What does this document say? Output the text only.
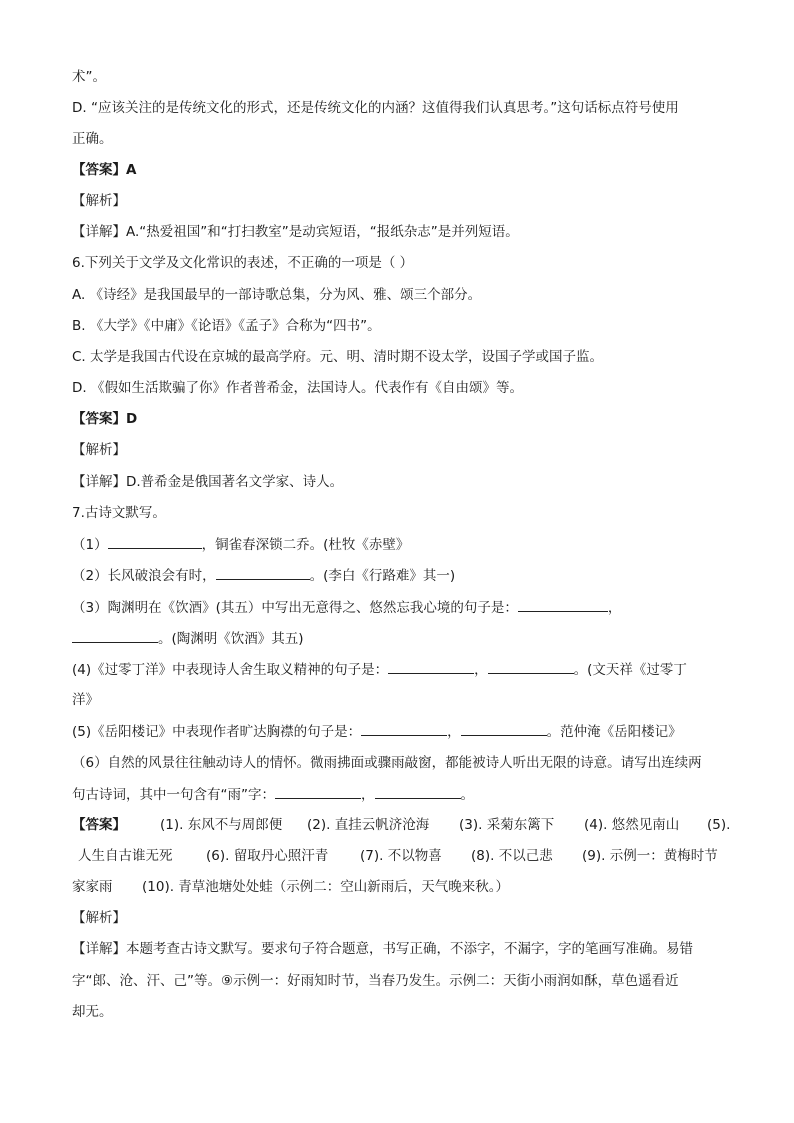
术”。
D. “应该关注的是传统文化的形式，还是传统文化的内涵？这值得我们认真思考。”这句话标点符号使用
正确。
【答案】A
【解析】
【详解】A.“热爱祖国”和“打扫教室”是动宾短语，“报纸杂志”是并列短语。
6.下列关于文学及文化常识的表述，不正确的一项是（ ）
A. 《诗经》是我国最早的一部诗歌总集，分为风、雅、颂三个部分。
B. 《大学》《中庸》《论语》《孟子》合称为“四书”。
C. 太学是我国古代设在京城的最高学府。元、明、清时期不设太学，设国子学或国子监。
D. 《假如生活欺骗了你》作者普希金，法国诗人。代表作有《自由颂》等。
【答案】D
【解析】
【详解】D.普希金是俄国著名文学家、诗人。
7.古诗文默写。
（1）	，铜雀春深锁二乔。(杜牧《赤壁》
（2）长风破浪会有时，	。(李白《行路难》其一)
（3）陶渊明在《饮酒》(其五）中写出无意得之、悠然忘我心境的句子是：	，
。(陶渊明《饮酒》其五)
(4)《过零丁洋》中表现诗人舍生取义精神的句子是：	，	。(文天祥《过零丁
洋》
(5)《岳阳楼记》中表现作者旷达胸襟的句子是：	，	。范仲淹《岳阳楼记》
（6）自然的风景往往触动诗人的情怀。微雨拂面或骤雨敲窗，都能被诗人听出无限的诗意。请写出连续两
句古诗词，其中一句含有“雨”字：	，	。
【答案】	(1). 东风不与周郎便 (2). 直挂云帆济沧海 (3). 采菊东篱下 (4). 悠然见南山 (5).
人生自古谁无死 (6). 留取丹心照汗青 (7). 不以物喜 (8). 不以己悲 (9). 示例一：黄梅时节
家家雨 (10). 青草池塘处处蛙（示例二：空山新雨后，天气晚来秋。）
【解析】
【详解】本题考查古诗文默写。要求句子符合题意，书写正确，不添字，不漏字，字的笔画写准确。易错
字“郎、沧、汗、己”等。⑨示例一：好雨知时节，当春乃发生。示例二：天街小雨润如酥，草色遥看近
却无。
